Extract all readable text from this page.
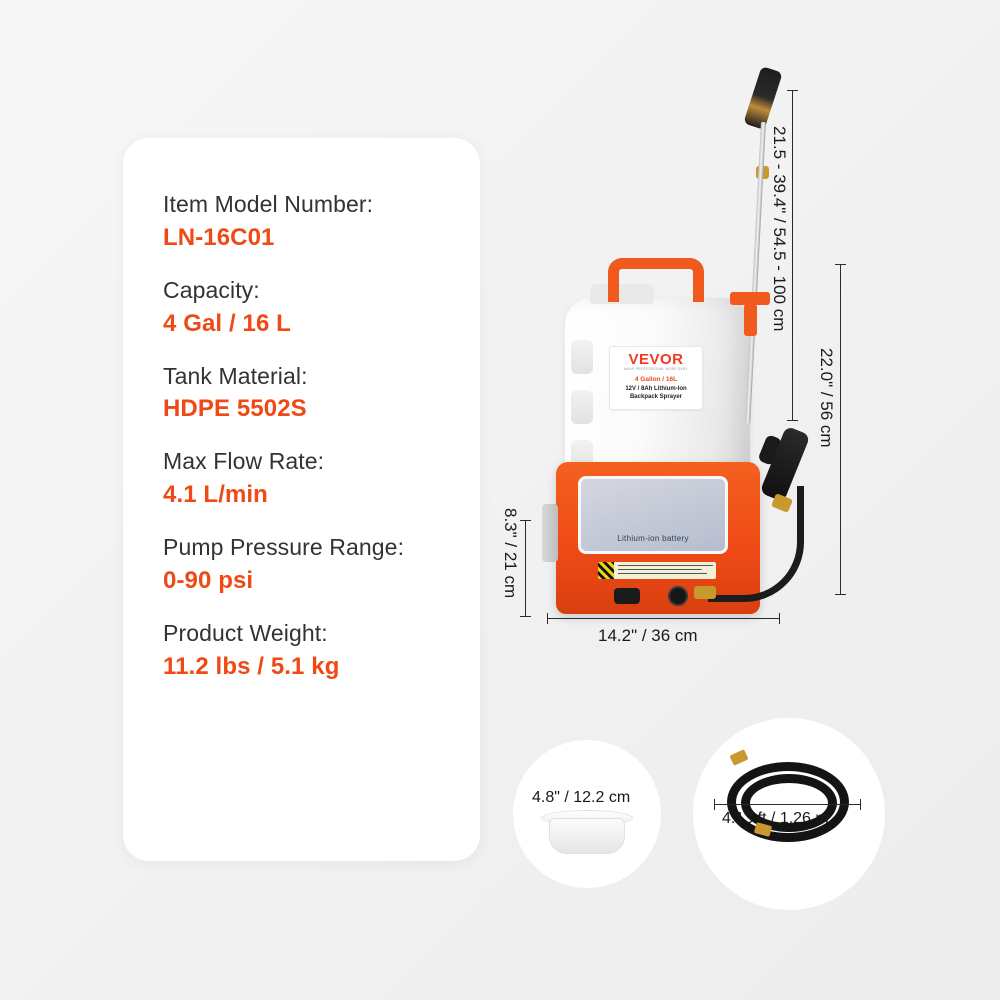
Item Model Number:
LN-16C01
Capacity:
4 Gal / 16 L
Tank Material:
HDPE 5502S
Max Flow Rate:
4.1 L/min
Pump Pressure Range:
0-90 psi
Product Weight:
11.2 lbs / 5.1 kg
VEVOR
MAKE PROFESSIONAL WORK EASY
4 Gallon / 16L
12V / 8Ah Lithium-Ion
Backpack Sprayer
Lithium-ion battery
21.5 - 39.4" / 54.5 - 100 cm
22.0" / 56 cm
8.3" / 21 cm
14.2" / 36 cm
4.8" / 12.2 cm
4.13 ft / 1.26 m
